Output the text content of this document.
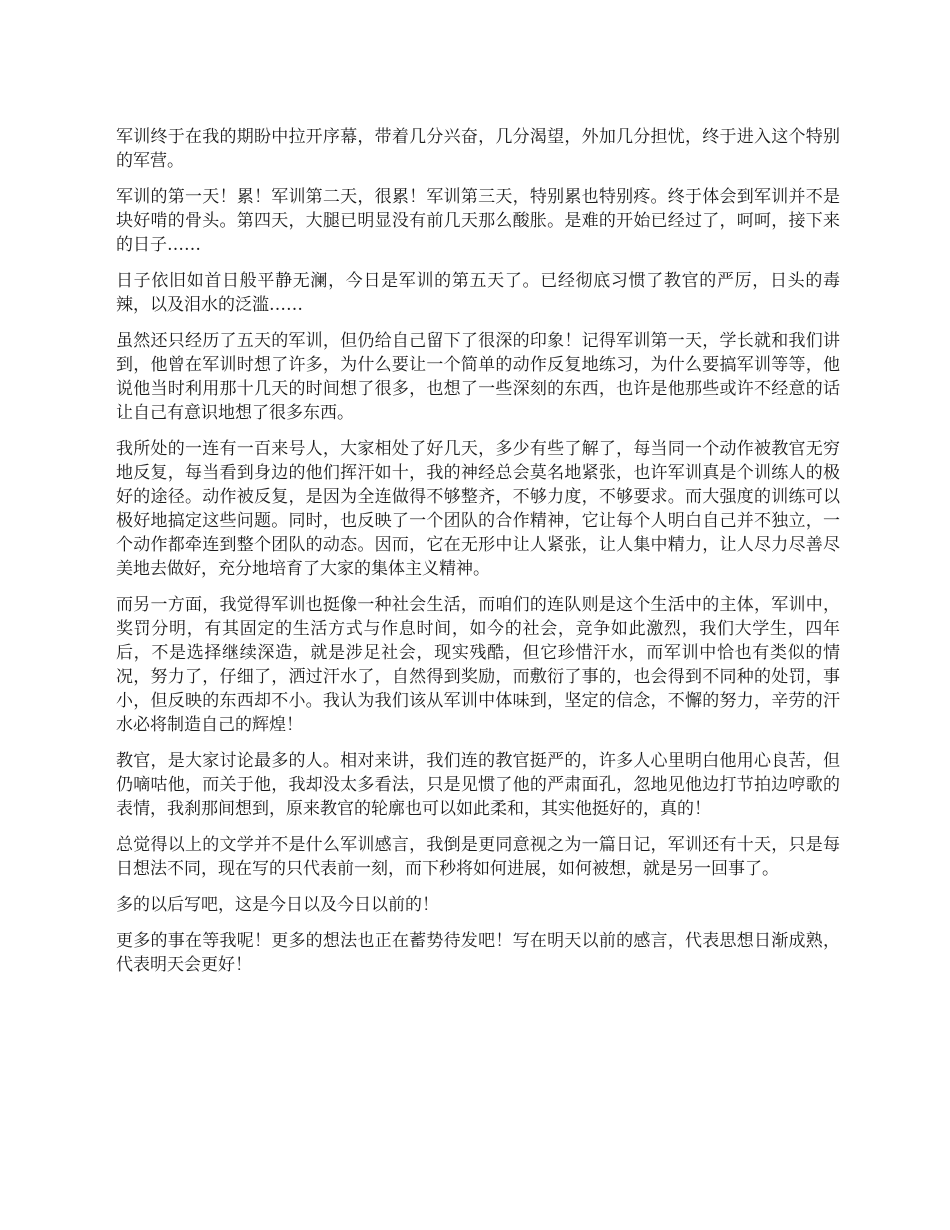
军训终于在我的期盼中拉开序幕，带着几分兴奋，几分渴望，外加几分担忧，终于进入这个特别的军营。

军训的第一天！累！军训第二天，很累！军训第三天，特别累也特别疼。终于体会到军训并不是块好啃的骨头。第四天，大腿已明显没有前几天那么酸胀。是难的开始已经过了，呵呵，接下来的日子……

日子依旧如首日般平静无澜，今日是军训的第五天了。已经彻底习惯了教官的严厉，日头的毒辣，以及泪水的泛滥……

虽然还只经历了五天的军训，但仍给自己留下了很深的印象！记得军训第一天，学长就和我们讲到，他曾在军训时想了许多，为什么要让一个简单的动作反复地练习，为什么要搞军训等等，他说他当时利用那十几天的时间想了很多，也想了一些深刻的东西，也许是他那些或许不经意的话让自己有意识地想了很多东西。

我所处的一连有一百来号人，大家相处了好几天，多少有些了解了，每当同一个动作被教官无穷地反复，每当看到身边的他们挥汗如十，我的神经总会莫名地紧张，也许军训真是个训练人的极好的途径。动作被反复，是因为全连做得不够整齐，不够力度，不够要求。而大强度的训练可以极好地搞定这些问题。同时，也反映了一个团队的合作精神，它让每个人明白自己并不独立，一个动作都牵连到整个团队的动态。因而，它在无形中让人紧张，让人集中精力，让人尽力尽善尽美地去做好，充分地培育了大家的集体主义精神。

而另一方面，我觉得军训也挺像一种社会生活，而咱们的连队则是这个生活中的主体，军训中，奖罚分明，有其固定的生活方式与作息时间，如今的社会，竞争如此激烈，我们大学生，四年后，不是选择继续深造，就是涉足社会，现实残酷，但它珍惜汗水，而军训中恰也有类似的情况，努力了，仔细了，洒过汗水了，自然得到奖励，而敷衍了事的，也会得到不同种的处罚，事小，但反映的东西却不小。我认为我们该从军训中体味到，坚定的信念，不懈的努力，辛劳的汗水必将制造自己的辉煌！

教官，是大家讨论最多的人。相对来讲，我们连的教官挺严的，许多人心里明白他用心良苦，但仍嘀咕他，而关于他，我却没太多看法，只是见惯了他的严肃面孔，忽地见他边打节拍边哼歌的表情，我刹那间想到，原来教官的轮廓也可以如此柔和，其实他挺好的，真的！

总觉得以上的文学并不是什么军训感言，我倒是更同意视之为一篇日记，军训还有十天，只是每日想法不同，现在写的只代表前一刻，而下秒将如何进展，如何被想，就是另一回事了。

多的以后写吧，这是今日以及今日以前的！

更多的事在等我呢！更多的想法也正在蓄势待发吧！写在明天以前的感言，代表思想日渐成熟，代表明天会更好！
